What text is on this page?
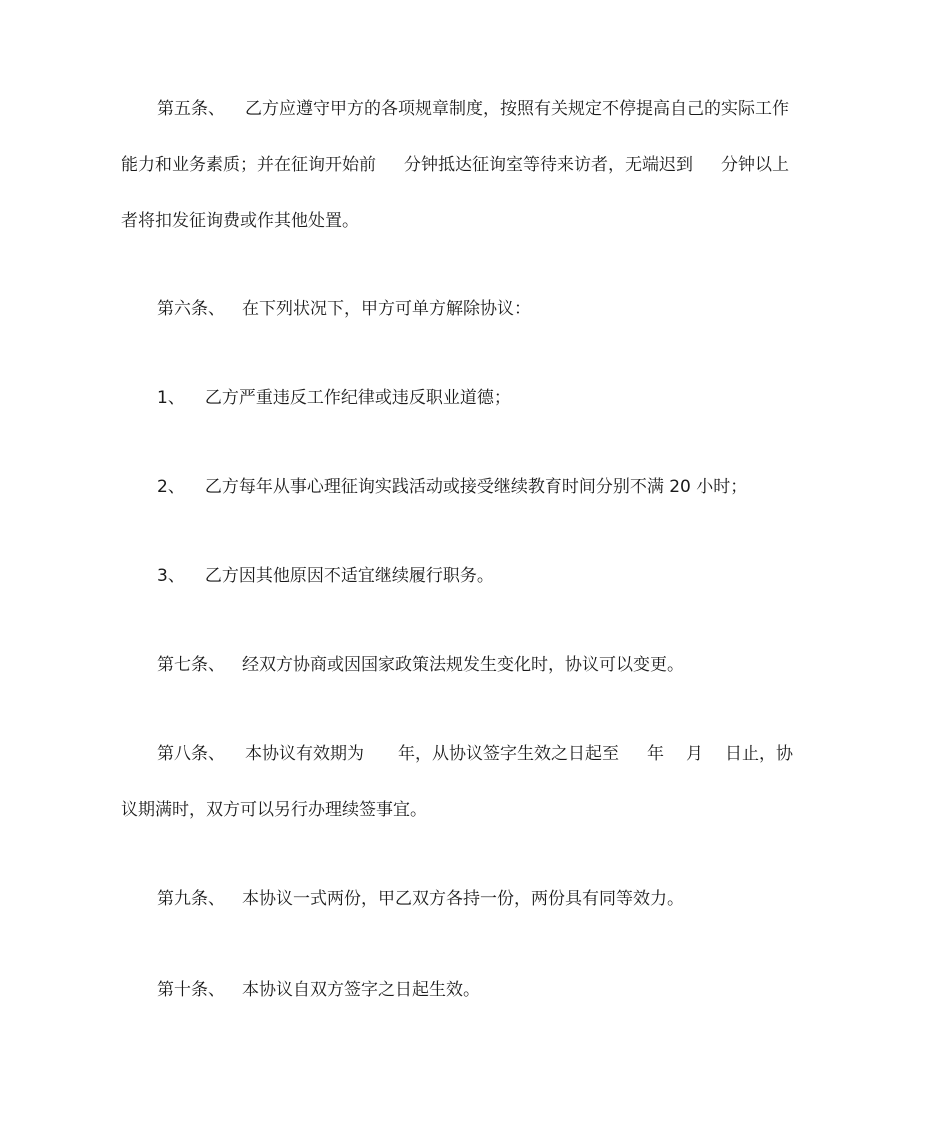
第五条、 乙方应遵守甲方的各项规章制度，按照有关规定不停提高自己的实际工作
能力和业务素质；并在征询开始前 分钟抵达征询室等待来访者，无端迟到 分钟以上
者将扣发征询费或作其他处置。
第六条、 在下列状况下，甲方可单方解除协议：
1、 乙方严重违反工作纪律或违反职业道德；
2、 乙方每年从事心理征询实践活动或接受继续教育时间分别不满 20 小时；
3、 乙方因其他原因不适宜继续履行职务。
第七条、 经双方协商或因国家政策法规发生变化时，协议可以变更。
第八条、 本协议有效期为 年，从协议签字生效之日起至 年 月 日止，协
议期满时，双方可以另行办理续签事宜。
第九条、 本协议一式两份，甲乙双方各持一份，两份具有同等效力。
第十条、 本协议自双方签字之日起生效。
